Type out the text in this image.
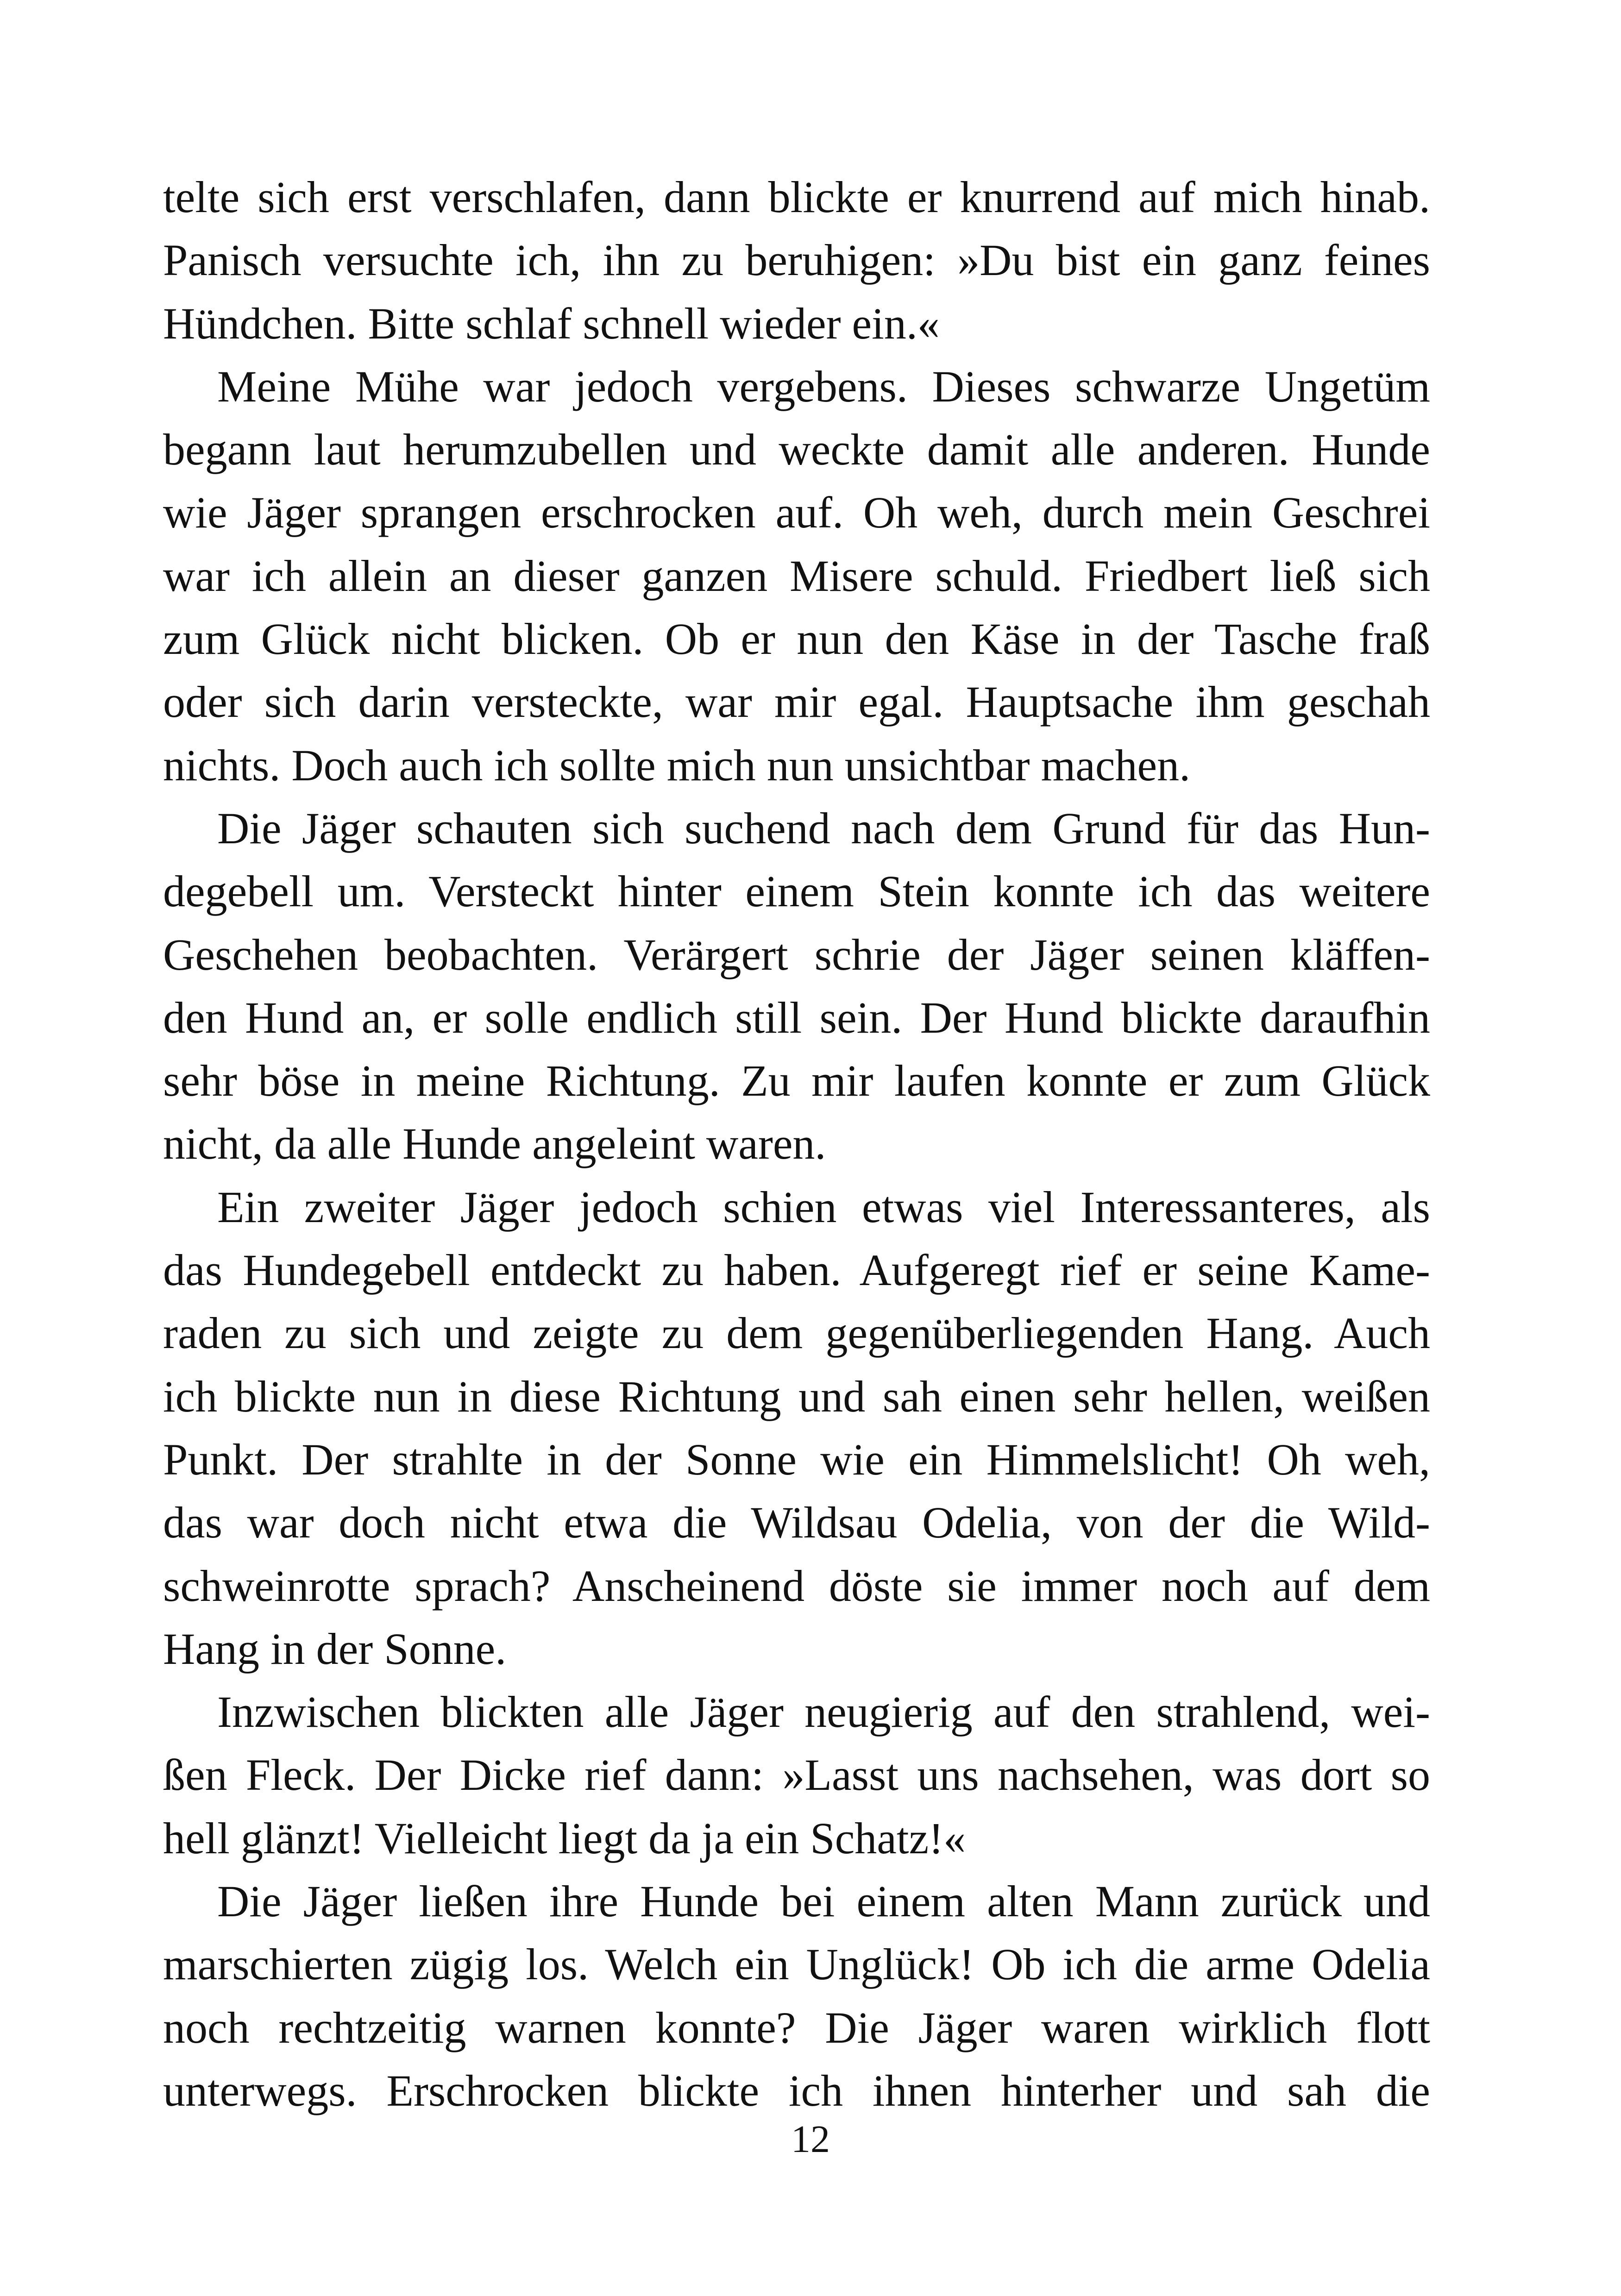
telte sich erst verschlafen, dann blickte er knurrend auf mich hinab.
Panisch versuchte ich, ihn zu beruhigen: »Du bist ein ganz feines
Hündchen. Bitte schlaf schnell wieder ein.«
Meine Mühe war jedoch vergebens. Dieses schwarze Ungetüm
begann laut herumzubellen und weckte damit alle anderen. Hunde
wie Jäger sprangen erschrocken auf. Oh weh, durch mein Geschrei
war ich allein an dieser ganzen Misere schuld. Friedbert ließ sich
zum Glück nicht blicken. Ob er nun den Käse in der Tasche fraß
oder sich darin versteckte, war mir egal. Hauptsache ihm geschah
nichts. Doch auch ich sollte mich nun unsichtbar machen.
Die Jäger schauten sich suchend nach dem Grund für das Hun-
degebell um. Versteckt hinter einem Stein konnte ich das weitere
Geschehen beobachten. Verärgert schrie der Jäger seinen kläffen-
den Hund an, er solle endlich still sein. Der Hund blickte daraufhin
sehr böse in meine Richtung. Zu mir laufen konnte er zum Glück
nicht, da alle Hunde angeleint waren.
Ein zweiter Jäger jedoch schien etwas viel Interessanteres, als
das Hundegebell entdeckt zu haben. Aufgeregt rief er seine Kame-
raden zu sich und zeigte zu dem gegenüberliegenden Hang. Auch
ich blickte nun in diese Richtung und sah einen sehr hellen, weißen
Punkt. Der strahlte in der Sonne wie ein Himmelslicht! Oh weh,
das war doch nicht etwa die Wildsau Odelia, von der die Wild-
schweinrotte sprach? Anscheinend döste sie immer noch auf dem
Hang in der Sonne.
Inzwischen blickten alle Jäger neugierig auf den strahlend, wei-
ßen Fleck. Der Dicke rief dann: »Lasst uns nachsehen, was dort so
hell glänzt! Vielleicht liegt da ja ein Schatz!«
Die Jäger ließen ihre Hunde bei einem alten Mann zurück und
marschierten zügig los. Welch ein Unglück! Ob ich die arme Odelia
noch rechtzeitig warnen konnte? Die Jäger waren wirklich flott
unterwegs. Erschrocken blickte ich ihnen hinterher und sah die
12
